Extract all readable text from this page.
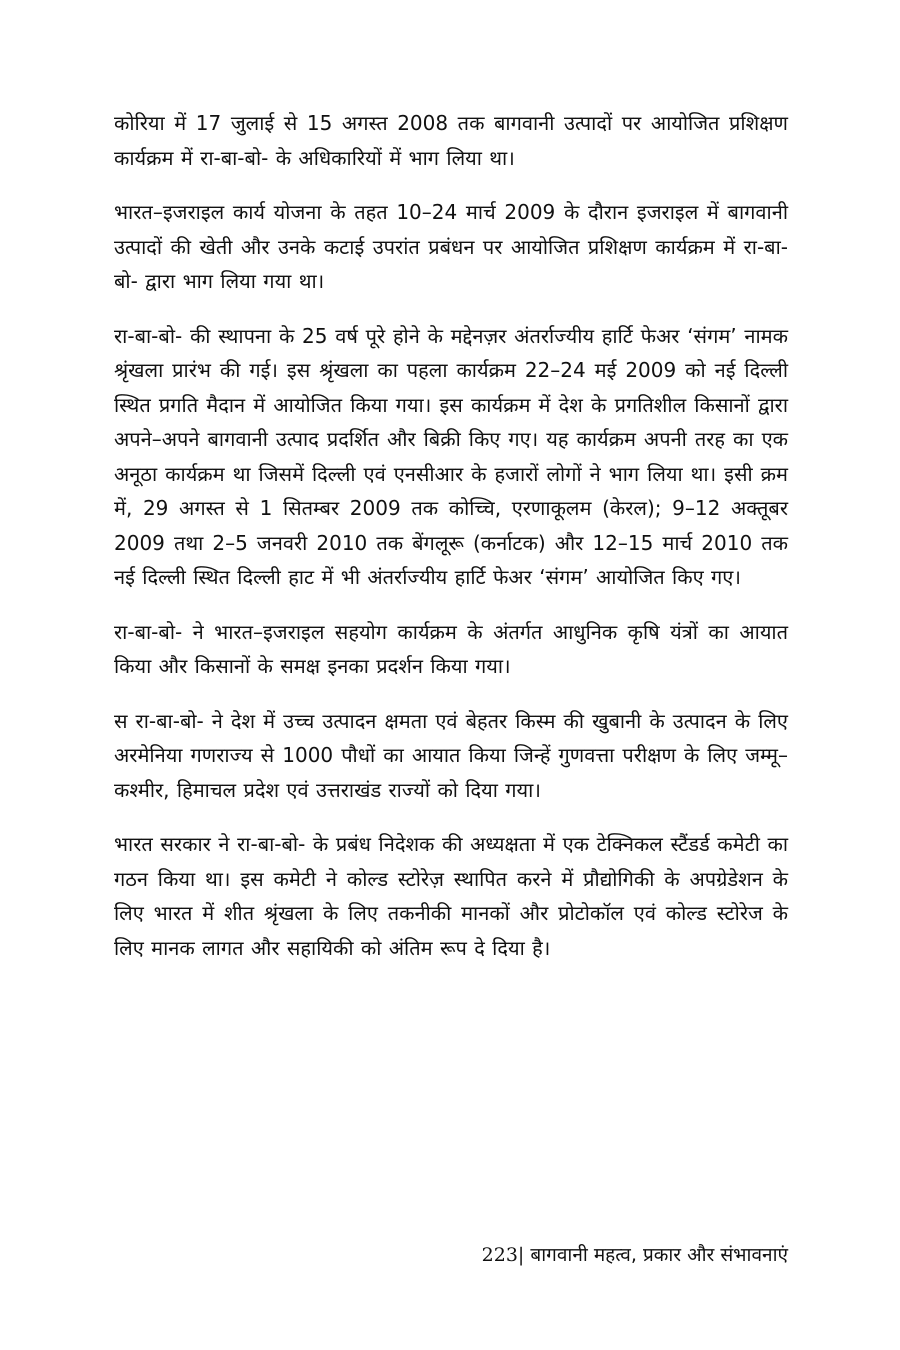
कोरिया में 17 जुलाई से 15 अगस्त 2008 तक बागवानी उत्पादों पर आयोजित प्रशिक्षण कार्यक्रम में रा-बा-बो- के अधिकारियों में भाग लिया था।

भारत–इजराइल कार्य योजना के तहत 10–24 मार्च 2009 के दौरान इजराइल में बागवानी उत्पादों की खेती और उनके कटाई उपरांत प्रबंधन पर आयोजित प्रशिक्षण कार्यक्रम में रा-बा-बो- द्वारा भाग लिया गया था।

रा-बा-बो- की स्थापना के 25 वर्ष पूरे होने के मद्देनज़र अंतर्राज्यीय हार्टि फेअर ‘संगम’ नामक श्रृंखला प्रारंभ की गई। इस श्रृंखला का पहला कार्यक्रम 22–24 मई 2009 को नई दिल्ली स्थित प्रगति मैदान में आयोजित किया गया। इस कार्यक्रम में देश के प्रगतिशील किसानों द्वारा अपने–अपने बागवानी उत्पाद प्रदर्शित और बिक्री किए गए। यह कार्यक्रम अपनी तरह का एक अनूठा कार्यक्रम था जिसमें दिल्ली एवं एनसीआर के हजारों लोगों ने भाग लिया था। इसी क्रम में, 29 अगस्त से 1 सितम्बर 2009 तक कोच्चि, एरणाकूलम (केरल); 9–12 अक्तूबर 2009 तथा 2–5 जनवरी 2010 तक बेंगलूरू (कर्नाटक) और 12–15 मार्च 2010 तक नई दिल्ली स्थित दिल्ली हाट में भी अंतर्राज्यीय हार्टि फेअर ‘संगम’ आयोजित किए गए।

रा-बा-बो- ने भारत–इजराइल सहयोग कार्यक्रम के अंतर्गत आधुनिक कृषि यंत्रों का आयात किया और किसानों के समक्ष इनका प्रदर्शन किया गया।

स रा-बा-बो- ने देश में उच्च उत्पादन क्षमता एवं बेहतर किस्म की खुबानी के उत्पादन के लिए अरमेनिया गणराज्य से 1000 पौधों का आयात किया जिन्हें गुणवत्ता परीक्षण के लिए जम्मू–कश्मीर, हिमाचल प्रदेश एवं उत्तराखंड राज्यों को दिया गया।

भारत सरकार ने रा-बा-बो- के प्रबंध निदेशक की अध्यक्षता में एक टेक्निकल स्टैंडर्ड कमेटी का गठन किया था। इस कमेटी ने कोल्ड स्टोरेज़ स्थापित करने में प्रौद्योगिकी के अपग्रेडेशन के लिए भारत में शीत श्रृंखला के लिए तकनीकी मानकों और प्रोटोकॉल एवं कोल्ड स्टोरेज के लिए मानक लागत और सहायिकी को अंतिम रूप दे दिया है।

223| बागवानी महत्व, प्रकार और संभावनाएं
